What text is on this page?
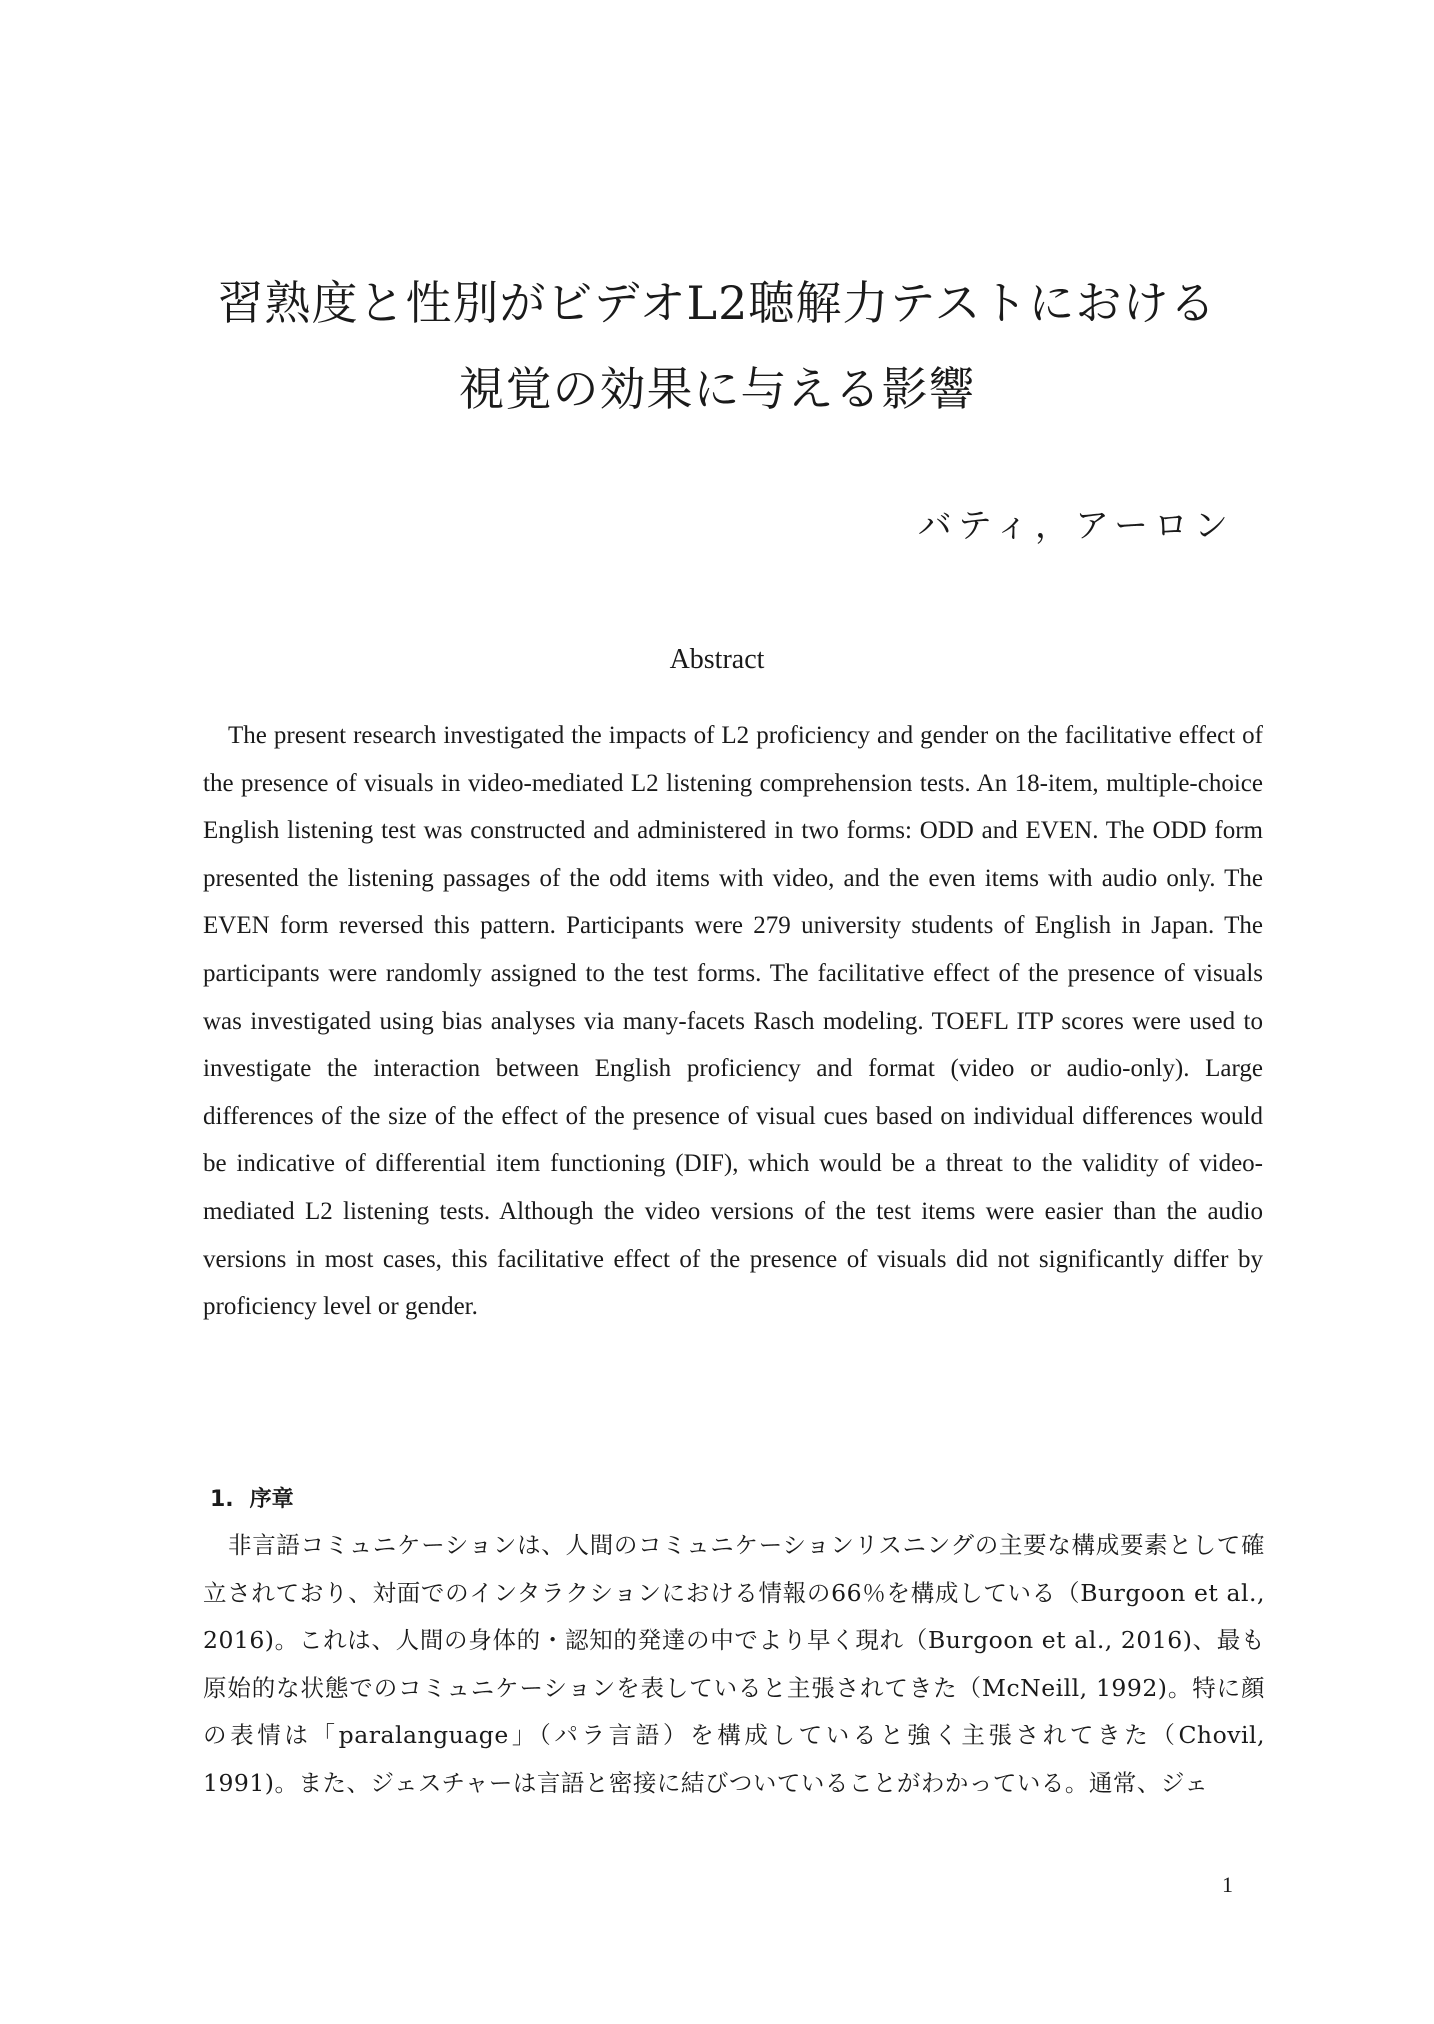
習熟度と性別がビデオL2聴解力テストにおける
視覚の効果に与える影響
バティ，アーロン
Abstract

The present research investigated the impacts of L2 proficiency and gender on the facilitative effect of the presence of visuals in video-mediated L2 listening comprehension tests. An 18-item, multiple-choice English listening test was constructed and administered in two forms: ODD and EVEN. The ODD form presented the listening passages of the odd items with video, and the even items with audio only. The EVEN form reversed this pattern. Participants were 279 university students of English in Japan. The participants were randomly assigned to the test forms. The facilitative effect of the presence of visuals was investigated using bias analyses via many-facets Rasch modeling. TOEFL ITP scores were used to investigate the interaction between English proficiency and format (video or audio-only). Large differences of the size of the effect of the presence of visual cues based on individual differences would be indicative of differential item functioning (DIF), which would be a threat to the validity of video-mediated L2 listening tests. Although the video versions of the test items were easier than the audio versions in most cases, this facilitative effect of the presence of visuals did not significantly differ by proficiency level or gender.

1. 序章

非言語コミュニケーションは、人間のコミュニケーションリスニングの主要な構成要素として確立されており、対面でのインタラクションにおける情報の66％を構成している（Burgoon et al., 2016)。これは、人間の身体的・認知的発達の中でより早く現れ（Burgoon et al., 2016)、最も原始的な状態でのコミュニケーションを表していると主張されてきた（McNeill, 1992)。特に顔の表情は「paralanguage」（パラ言語）を構成していると強く主張されてきた（Chovil, 1991)。また、ジェスチャーは言語と密接に結びついていることがわかっている。通常、ジェ

1
